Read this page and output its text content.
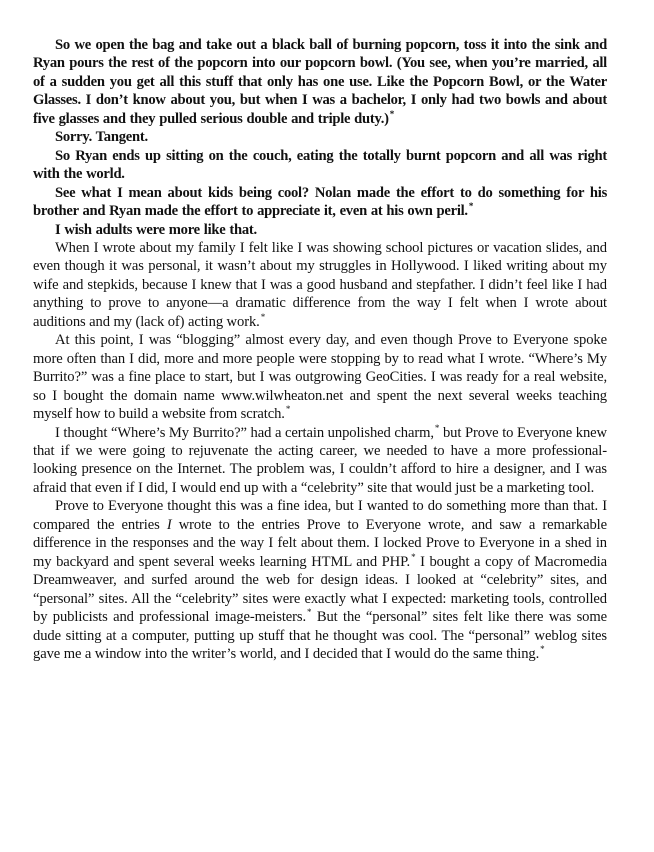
So we open the bag and take out a black ball of burning popcorn, toss it into the sink and Ryan pours the rest of the popcorn into our popcorn bowl. (You see, when you’re married, all of a sudden you get all this stuff that only has one use. Like the Popcorn Bowl, or the Water Glasses. I don’t know about you, but when I was a bachelor, I only had two bowls and about five glasses and they pulled serious double and triple duty.)*

Sorry. Tangent.

So Ryan ends up sitting on the couch, eating the totally burnt popcorn and all was right with the world.

See what I mean about kids being cool? Nolan made the effort to do something for his brother and Ryan made the effort to appreciate it, even at his own peril.*

I wish adults were more like that.

When I wrote about my family I felt like I was showing school pictures or vacation slides, and even though it was personal, it wasn’t about my struggles in Hollywood. I liked writing about my wife and stepkids, because I knew that I was a good husband and stepfather. I didn’t feel like I had anything to prove to anyone—a dramatic difference from the way I felt when I wrote about auditions and my (lack of) acting work.*

At this point, I was “blogging” almost every day, and even though Prove to Everyone spoke more often than I did, more and more people were stopping by to read what I wrote. “Where’s My Burrito?” was a fine place to start, but I was outgrowing GeoCities. I was ready for a real website, so I bought the domain name www.wilwheaton.net and spent the next several weeks teaching myself how to build a website from scratch.*

I thought “Where’s My Burrito?” had a certain unpolished charm,* but Prove to Everyone knew that if we were going to rejuvenate the acting career, we needed to have a more professional-looking presence on the Internet. The problem was, I couldn’t afford to hire a designer, and I was afraid that even if I did, I would end up with a “celebrity” site that would just be a marketing tool.

Prove to Everyone thought this was a fine idea, but I wanted to do something more than that. I compared the entries I wrote to the entries Prove to Everyone wrote, and saw a remarkable difference in the responses and the way I felt about them. I locked Prove to Everyone in a shed in my backyard and spent several weeks learning HTML and PHP.* I bought a copy of Macromedia Dreamweaver, and surfed around the web for design ideas. I looked at “celebrity” sites, and “personal” sites. All the “celebrity” sites were exactly what I expected: marketing tools, controlled by publicists and professional image-meisters.* But the “personal” sites felt like there was some dude sitting at a computer, putting up stuff that he thought was cool. The “personal” weblog sites gave me a window into the writer’s world, and I decided that I would do the same thing.*
